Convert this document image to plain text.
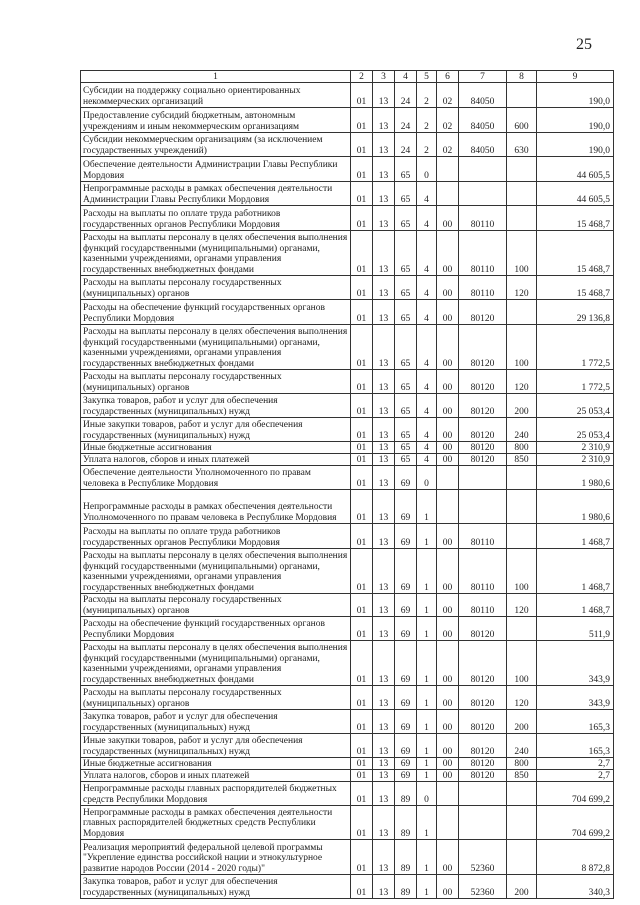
25
1	2	3	4	5	6	7	8	9
Субсидии на поддержку социально ориентированных некоммерческих организаций	01	13	24	2	02	84050		190,0
Предоставление субсидий бюджетным, автономным учреждениям и иным некоммерческим организациям	01	13	24	2	02	84050	600	190,0
Субсидии некоммерческим организациям (за исключением государственных учреждений)	01	13	24	2	02	84050	630	190,0
Обеспечение деятельности Администрации Главы Республики Мордовия	01	13	65	0				44 605,5
Непрограммные расходы в рамках обеспечения деятельности Администрации Главы Республики Мордовия	01	13	65	4				44 605,5
Расходы на выплаты по оплате труда работников государственных органов Республики Мордовия	01	13	65	4	00	80110		15 468,7
Расходы на выплаты персоналу в целях обеспечения выполнения функций государственными (муниципальными) органами, казенными учреждениями, органами управления государственных внебюджетных фондами	01	13	65	4	00	80110	100	15 468,7
Расходы на выплаты персоналу государственных (муниципальных) органов	01	13	65	4	00	80110	120	15 468,7
Расходы на обеспечение функций государственных органов Республики Мордовия	01	13	65	4	00	80120		29 136,8
Расходы на выплаты персоналу в целях обеспечения выполнения функций государственными (муниципальными) органами, казенными учреждениями, органами управления государственных внебюджетных фондами	01	13	65	4	00	80120	100	1 772,5
Расходы на выплаты персоналу государственных (муниципальных) органов	01	13	65	4	00	80120	120	1 772,5
Закупка товаров, работ и услуг для обеспечения государственных (муниципальных) нужд	01	13	65	4	00	80120	200	25 053,4
Иные закупки товаров, работ и услуг для обеспечения государственных (муниципальных) нужд	01	13	65	4	00	80120	240	25 053,4
Иные бюджетные ассигнования	01	13	65	4	00	80120	800	2 310,9
Уплата налогов, сборов и иных платежей	01	13	65	4	00	80120	850	2 310,9
Обеспечение деятельности Уполномоченного по правам человека в Республике Мордовия	01	13	69	0				1 980,6
Непрограммные расходы в рамках обеспечения деятельности Уполномоченного по правам человека в Республике Мордовия	01	13	69	1				1 980,6
Расходы на выплаты по оплате труда работников государственных органов Республики Мордовия	01	13	69	1	00	80110		1 468,7
Расходы на выплаты персоналу в целях обеспечения выполнения функций государственными (муниципальными) органами, казенными учреждениями, органами управления государственных внебюджетных фондами	01	13	69	1	00	80110	100	1 468,7
Расходы на выплаты персоналу государственных (муниципальных) органов	01	13	69	1	00	80110	120	1 468,7
Расходы на обеспечение функций государственных органов Республики Мордовия	01	13	69	1	00	80120		511,9
Расходы на выплаты персоналу в целях обеспечения выполнения функций государственными (муниципальными) органами, казенными учреждениями, органами управления государственных внебюджетных фондами	01	13	69	1	00	80120	100	343,9
Расходы на выплаты персоналу государственных (муниципальных) органов	01	13	69	1	00	80120	120	343,9
Закупка товаров, работ и услуг для обеспечения государственных (муниципальных) нужд	01	13	69	1	00	80120	200	165,3
Иные закупки товаров, работ и услуг для обеспечения государственных (муниципальных) нужд	01	13	69	1	00	80120	240	165,3
Иные бюджетные ассигнования	01	13	69	1	00	80120	800	2,7
Уплата налогов, сборов и иных платежей	01	13	69	1	00	80120	850	2,7
Непрограммные расходы главных распорядителей бюджетных средств Республики Мордовия	01	13	89	0				704 699,2
Непрограммные расходы в рамках обеспечения деятельности главных распорядителей бюджетных средств Республики Мордовия	01	13	89	1				704 699,2
Реализация мероприятий федеральной целевой программы "Укрепление единства российской нации и этнокультурное развитие народов России (2014 - 2020 годы)"	01	13	89	1	00	52360		8 872,8
Закупка товаров, работ и услуг для обеспечения государственных (муниципальных) нужд	01	13	89	1	00	52360	200	340,3
